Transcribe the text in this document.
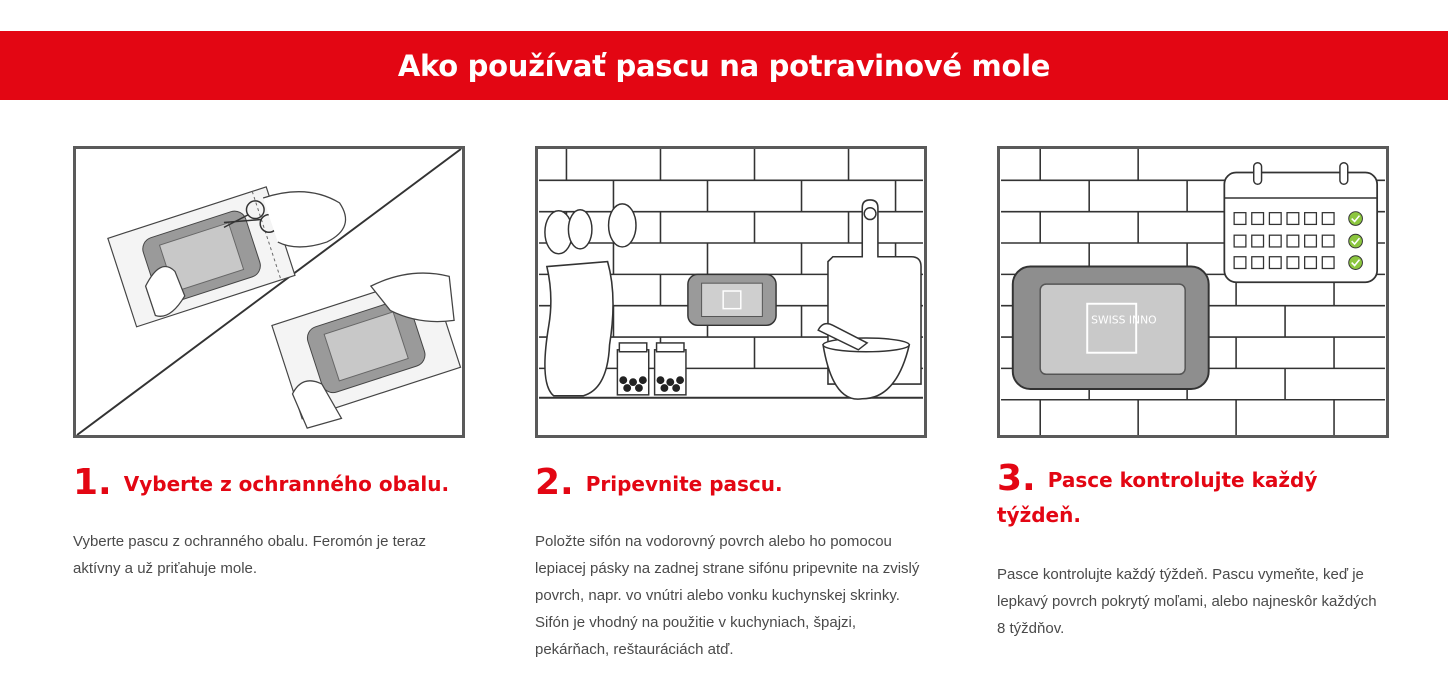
Ako používať pascu na potravinové mole
SWISS INNO
1. Vyberte z ochranného obalu.

Vyberte pascu z ochranného obalu. Feromón je teraz aktívny a už priťahuje mole.

2. Pripevnite pascu.

Položte sifón na vodorovný povrch alebo ho pomocou lepiacej pásky na zadnej strane sifónu pripevnite na zvislý povrch, napr. vo vnútri alebo vonku kuchynskej skrinky. Sifón je vhodný na použitie v kuchyniach, špajzi, pekárňach, reštauráciách atď.

3. Pasce kontrolujte každý týždeň.

Pasce kontrolujte každý týždeň. Pascu vymeňte, keď je lepkavý povrch pokrytý moľami, alebo najneskôr každých 8 týždňov.
